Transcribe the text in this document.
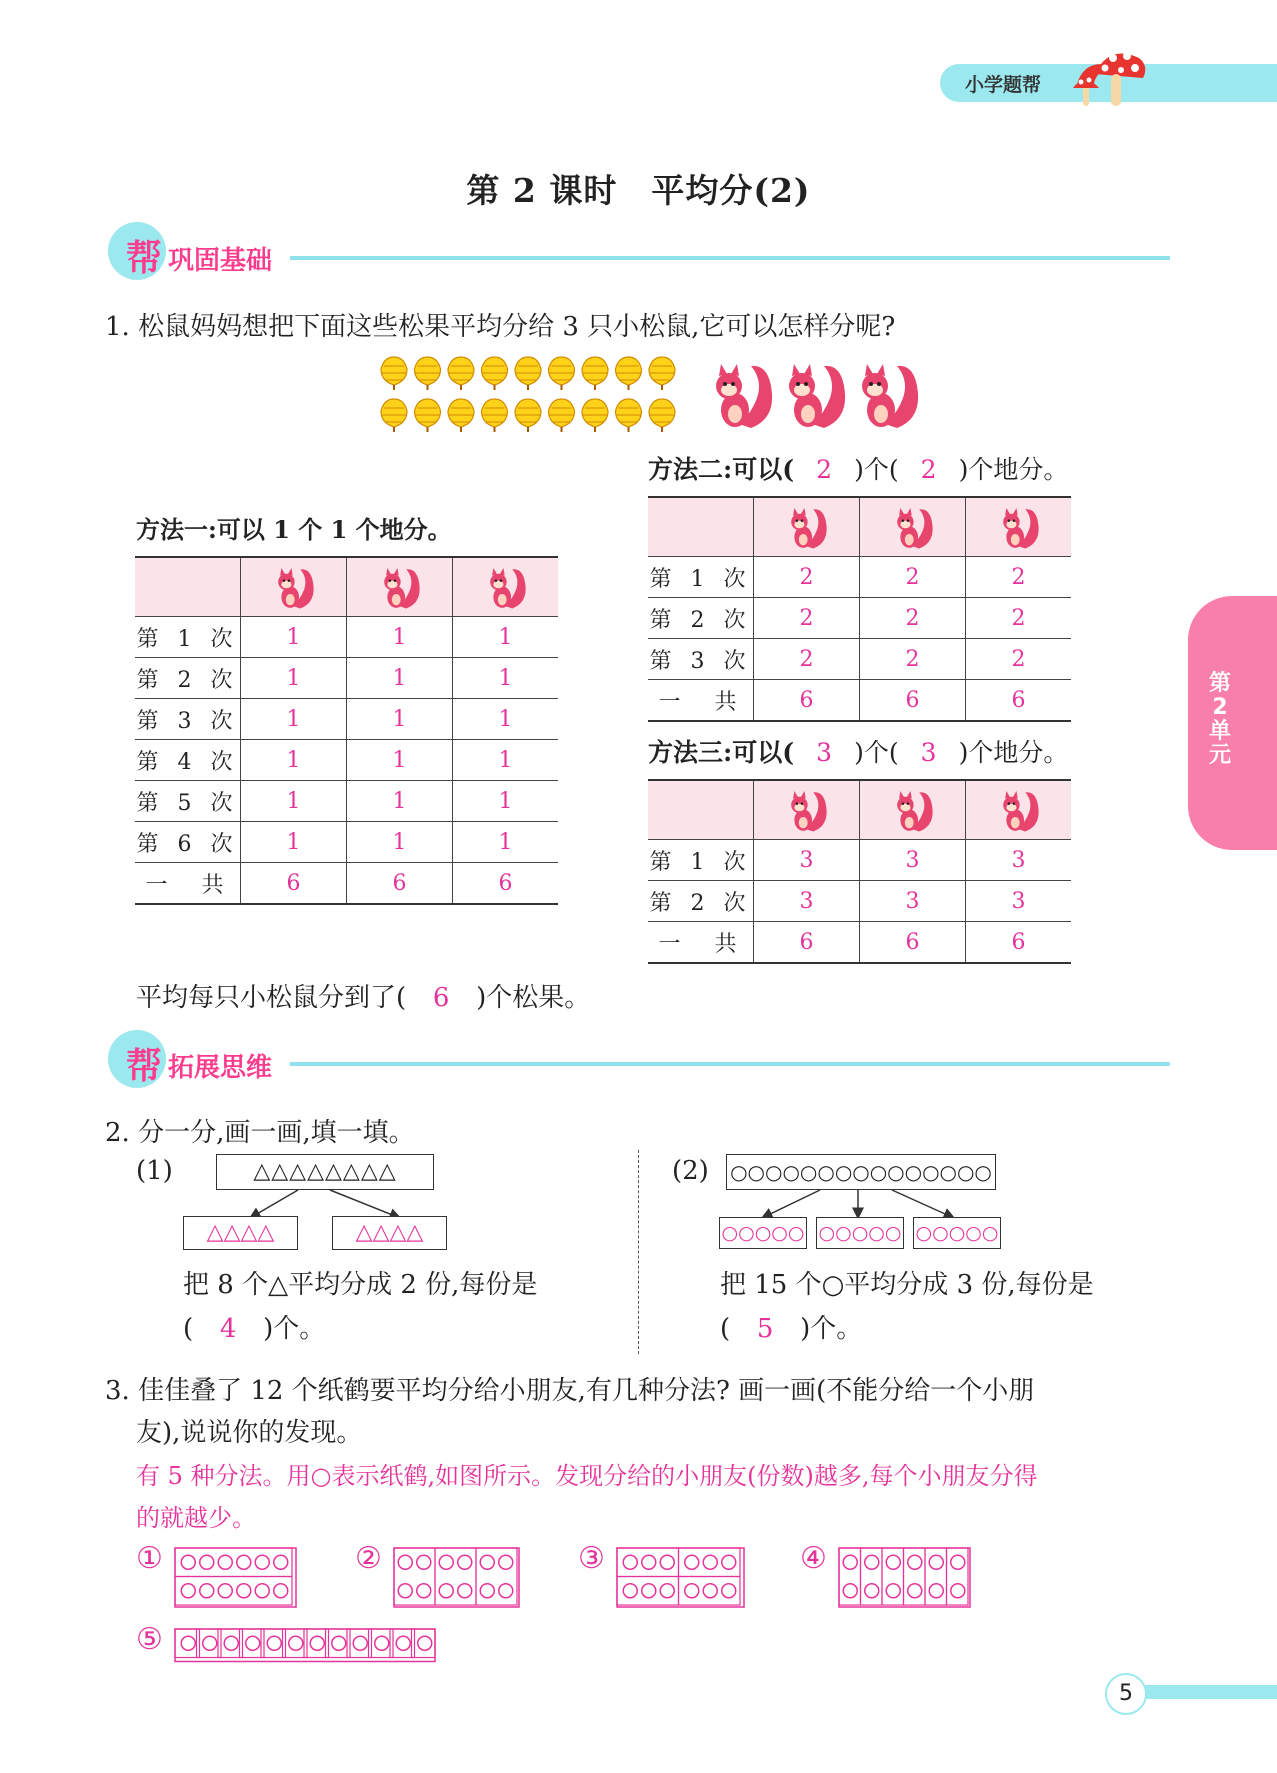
小学题帮
第 2 课时　平均分(2)
第2单元
帮 巩固基础
1. 松鼠妈妈想把下面这些松果平均分给 3 只小松鼠,它可以怎样分呢?
方法一:可以 1 个 1 个地分。

第 1 次	1	1	1
第 2 次	1	1	1
第 3 次	1	1	1
第 4 次	1	1	1
第 5 次	1	1	1
第 6 次	1	1	1
一　共	6	6	6
方法二:可以( 2 )个( 2 )个地分。

第 1 次	2	2	2
第 2 次	2	2	2
第 3 次	2	2	2
一　共	6	6	6
方法三:可以( 3 )个( 3 )个地分。

第 1 次	3	3	3
第 2 次	3	3	3
一　共	6	6	6
平均每只小松鼠分到了( 6 )个松果。
帮 拓展思维
2. 分一分,画一画,填一填。
(1)	△△△△△△△△
△△△△	△△△△
把 8 个△平均分成 2 份,每份是
( 4 )个。
(2) ○○○○○○○○○○○○○○○
○○○○○ ○○○○○ ○○○○○
把 15 个○平均分成 3 份,每份是
( 5 )个。
3. 佳佳叠了 12 个纸鹤要平均分给小朋友,有几种分法? 画一画(不能分给一个小朋
友),说说你的发现。
有 5 种分法。用○表示纸鹤,如图所示。发现分给的小朋友(份数)越多,每个小朋友分得
的就越少。
①	②	③	④
⑤
5
